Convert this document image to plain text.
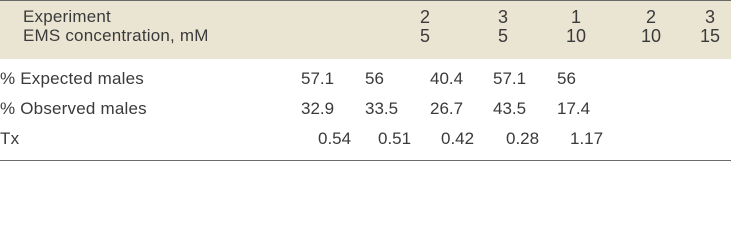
Experiment
EMS concentration, mM
2	3	1	2	3
5	5	10	10	15
% Expected males	57.1 56	40.4 57.1 56
% Observed males	32.9 33.5 26.7 43.5 17.4
Tx	0.54 0.51 0.42 0.28 1.17
